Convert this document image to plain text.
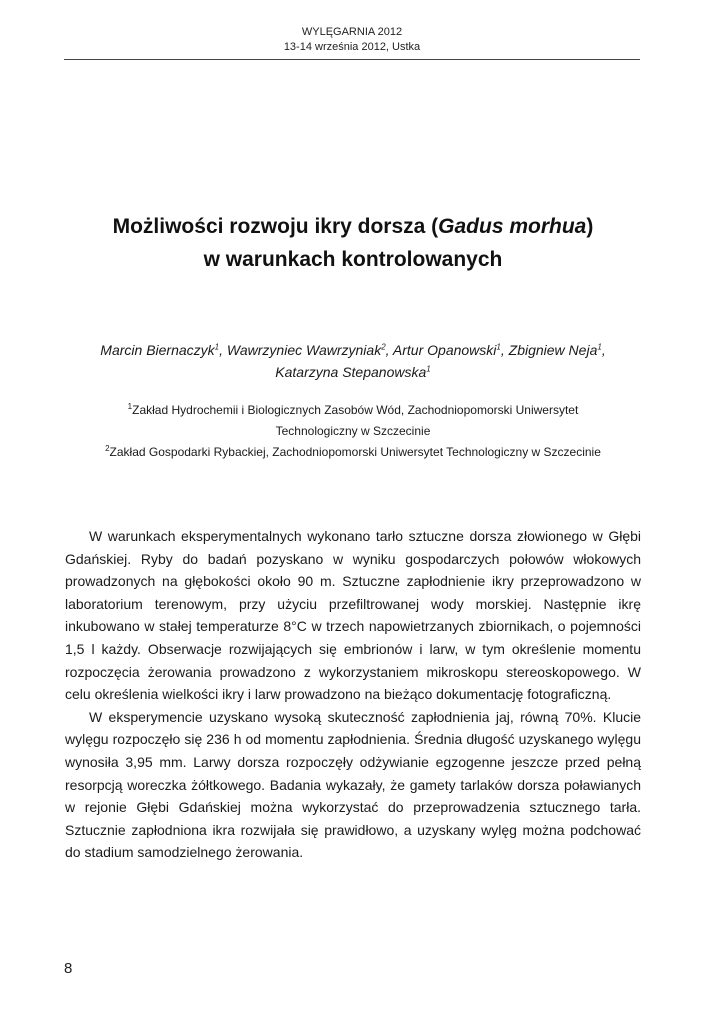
WYLĘGARNIA 2012
13-14 września 2012, Ustka
Możliwości rozwoju ikry dorsza (Gadus morhua)
w warunkach kontrolowanych
Marcin Biernaczyk$^1$, Wawrzyniec Wawrzyniak$^2$, Artur Opanowski$^1$, Zbigniew Neja$^1$,
Katarzyna Stepanowska$^1$
$^1$Zakład Hydrochemii i Biologicznych Zasobów Wód, Zachodniopomorski Uniwersytet
Technologiczny w Szczecinie
$^2$Zakład Gospodarki Rybackiej, Zachodniopomorski Uniwersytet Technologiczny w Szczecinie

W warunkach eksperymentalnych wykonano tarło sztuczne dorsza złowionego w Głębi Gdańskiej. Ryby do badań pozyskano w wyniku gospodarczych połowów włokowych prowadzonych na głębokości około 90 m. Sztuczne zapłodnienie ikry przeprowadzono w laboratorium terenowym, przy użyciu przefiltrowanej wody morskiej. Następnie ikrę inkubowano w stałej temperaturze 8°C w trzech napowietrzanych zbiornikach, o pojemności 1,5 l każdy. Obserwacje rozwijających się embrionów i larw, w tym określenie momentu rozpoczęcia żerowania prowadzono z wykorzystaniem mikroskopu stereoskopowego. W celu określenia wielkości ikry i larw prowadzono na bieżąco dokumentację fotograficzną.

W eksperymencie uzyskano wysoką skuteczność zapłodnienia jaj, równą 70%. Klucie wylęgu rozpoczęło się 236 h od momentu zapłodnienia. Średnia długość uzyskanego wylęgu wynosiła 3,95 mm. Larwy dorsza rozpoczęły odżywianie egzogenne jeszcze przed pełną resorpcją woreczka żółtkowego. Badania wykazały, że gamety tarlaków dorsza poławianych w rejonie Głębi Gdańskiej można wykorzystać do przeprowadzenia sztucznego tarła. Sztucznie zapłodniona ikra rozwijała się prawidłowo, a uzyskany wylęg można podchować do stadium samodzielnego żerowania.

8
